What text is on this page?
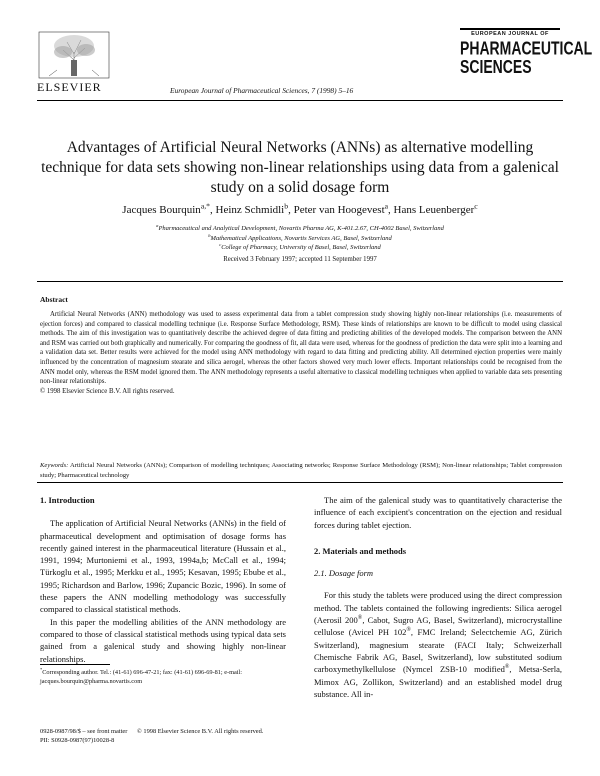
ELSEVIER	European Journal of Pharmaceutical Sciences, 7 (1998) 5–16
EUROPEAN JOURNAL OF
PHARMACEUTICAL SCIENCES
Advantages of Artificial Neural Networks (ANNs) as alternative modelling technique for data sets showing non-linear relationships using data from a galenical study on a solid dosage form
Jacques Bourquin$^{a,*}$, Heinz Schmidli$^b$, Peter van Hoogevest$^a$, Hans Leuenberger$^c$
$^a$Pharmaceutical and Analytical Development, Novartis Pharma AG, K-401.2.67, CH-4002 Basel, Switzerland
$^b$Mathematical Applications, Novartis Services AG, Basel, Switzerland
$^c$College of Pharmacy, University of Basel, Basel, Switzerland
Received 3 February 1997; accepted 11 September 1997
Abstract
Artificial Neural Networks (ANN) methodology was used to assess experimental data from a tablet compression study showing highly non-linear relationships (i.e. measurements of ejection forces) and compared to classical modelling technique (i.e. Response Surface Methodology, RSM). These kinds of relationships are known to be difficult to model using classical methods. The aim of this investigation was to quantitatively describe the achieved degree of data fitting and predicting abilities of the developed models. The comparison between the ANN and RSM was carried out both graphically and numerically. For comparing the goodness of fit, all data were used, whereas for the goodness of prediction the data were split into a learning and a validation data set. Better results were achieved for the model using ANN methodology with regard to data fitting and predicting ability. All determined ejection properties were mainly influenced by the concentration of magnesium stearate and silica aerogel, whereas the other factors showed very much lower effects. Important relationships could be recognised from the ANN model only, whereas the RSM model ignored them. The ANN methodology represents a useful alternative to classical modelling techniques when applied to variable data sets presenting non-linear relationships.
© 1998 Elsevier Science B.V. All rights reserved.
Keywords: Artificial Neural Networks (ANNs); Comparison of modelling techniques; Associating networks; Response Surface Methodology (RSM); Non-linear relationships; Tablet compression study; Pharmaceutical technology
1. Introduction

The application of Artificial Neural Networks (ANNs) in the field of pharmaceutical development and optimisation of dosage forms has recently gained interest in the pharmaceutical literature (Hussain et al., 1991, 1994; Murtoniemi et al., 1993, 1994a,b; McCall et al., 1994; Türkoglu et al., 1995; Merkku et al., 1995; Kesavan, 1995; Ebube et al., 1995; Richardson and Barlow, 1996; Zupancic Bozic, 1996). In some of these papers the ANN modelling methodology was successfully compared to classical statistical methods.

In this paper the modelling abilities of the ANN methodology are compared to those of classical statistical methods using typical data sets gained from a galenical study and showing highly non-linear relationships.

*Corresponding author. Tel.: (41-61) 696-47-21; fax: (41-61) 696-69-81; e-mail: jacques.bourquin@pharma.novartis.com

The aim of the galenical study was to quantitatively characterise the influence of each excipient's concentration on the ejection and residual forces during tablet ejection.

2. Materials and methods
2.1. Dosage form

For this study the tablets were produced using the direct compression method. The tablets contained the following ingredients: Silica aerogel (Aerosil 200®, Cabot, Sugro AG, Basel, Switzerland), microcrystalline cellulose (Avicel PH 102®, FMC Ireland; Selectchemie AG, Zürich Switzerland), magnesium stearate (FACI Italy; Schweizerhall Chemische Fabrik AG, Basel, Switzerland), low substituted sodium carboxymethylkellulose (Nymcel ZSB-10 modified®, Metsa-Serla, Mimox AG, Zollikon, Switzerland) and an established model drug substance. All in-

0928-0987/98/$ – see front matter © 1998 Elsevier Science B.V. All rights reserved.
PII: S0928-0987(97)10028-8
